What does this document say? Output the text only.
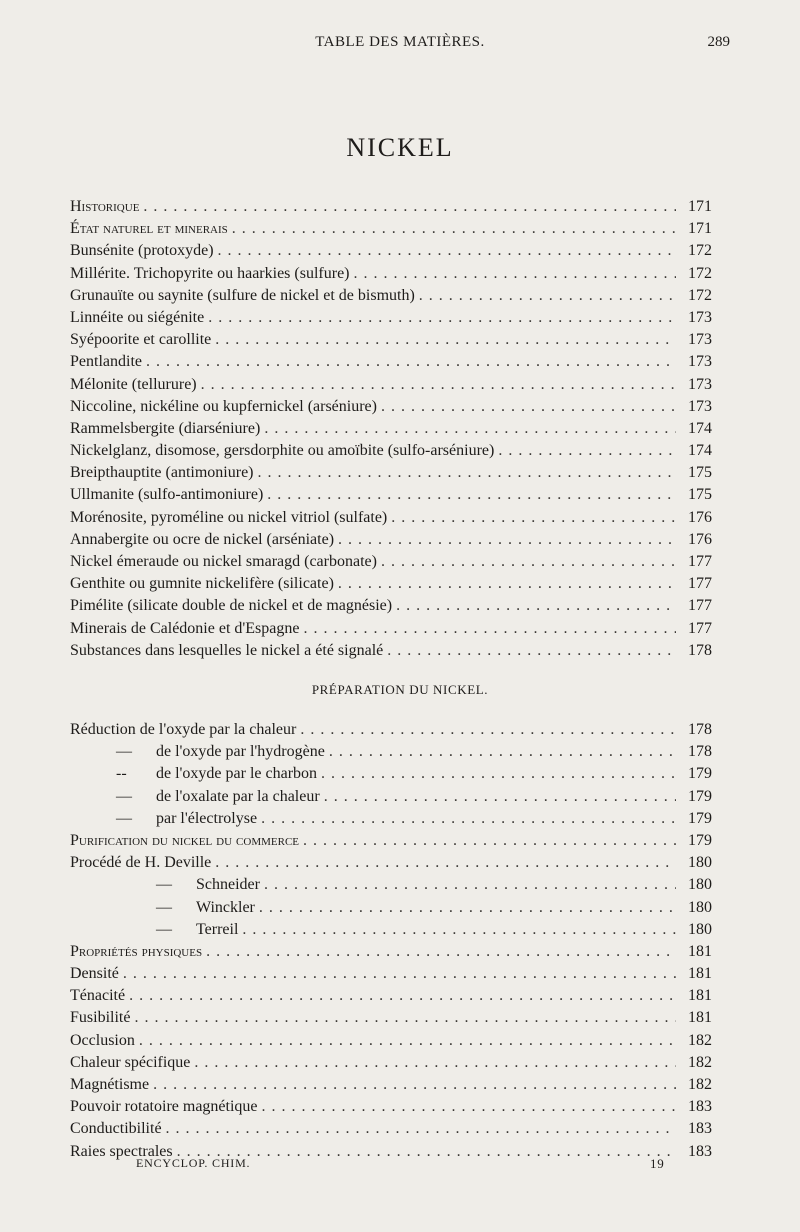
TABLE DES MATIÈRES.	289
NICKEL
Historique . . .	171
État naturel et minerais . . .	171
Bunsénite (protoxyde) . . .	172
Millérite. Trichopyrite ou haarkies (sulfure) . . .	172
Grunauïte ou saynite (sulfure de nickel et de bismuth) . . .	172
Linnéite ou siégénite . . .	173
Syépoorite et carollite . . .	173
Pentlandite . . .	173
Mélonite (tellurure) . . .	173
Niccoline, nickéline ou kupfernickel (arséniure) . . .	173
Rammelsbergite (diarséniure) . . .	174
Nickelglanz, disomose, gersdorphite ou amoïbite (sulfo-arséniure) . . .	174
Breipthauptite (antimoniure) . . .	175
Ullmanite (sulfo-antimoniure) . . .	175
Morénosite, pyroméline ou nickel vitriol (sulfate) . . .	176
Annabergite ou ocre de nickel (arséniate) . . .	176
Nickel émeraude ou nickel smaragd (carbonate) . . .	177
Genthite ou gumnite nickelifère (silicate) . . .	177
Pimélite (silicate double de nickel et de magnésie) . . .	177
Minerais de Calédonie et d'Espagne . . .	177
Substances dans lesquelles le nickel a été signalé . . .	178
PRÉPARATION DU NICKEL.
Réduction de l'oxyde par la chaleur . . .	178
— de l'oxyde par l'hydrogène . . .	178
-- de l'oxyde par le charbon . . .	179
— de l'oxalate par la chaleur . . .	179
— par l'électrolyse . . .	179
Purification du nickel du commerce . . .	179
Procédé de H. Deville . . .	180
— Schneider . . .	180
— Winckler . . .	180
— Terreil . . .	180
Propriétés physiques . . .	181
Densité . . .	181
Ténacité . . .	181
Fusibilité . . .	181
Occlusion . . .	182
Chaleur spécifique . . .	182
Magnétisme . . .	182
Pouvoir rotatoire magnétique . . .	183
Conductibilité . . .	183
Raies spectrales . . .	183
ENCYCLOP. CHIM.	19
